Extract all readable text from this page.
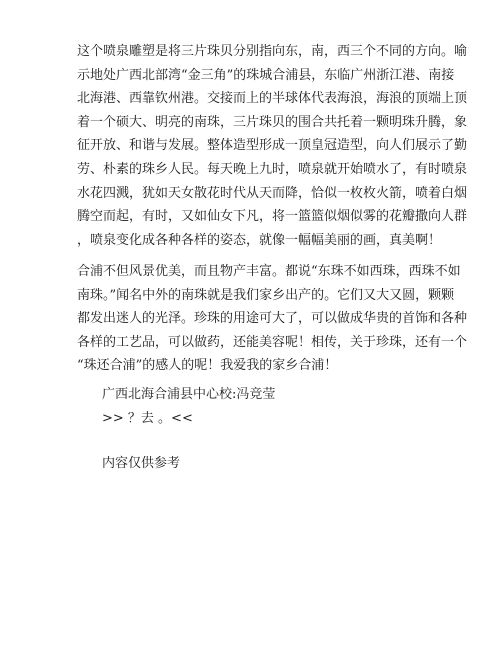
这个喷泉雕塑是将三片珠贝分别指向东，南，西三个不同的方向。喻
示地处广西北部湾“金三角”的珠城合浦县，东临广州浙江港、南接
北海港、西靠钦州港。交接而上的半球体代表海浪，海浪的顶端上顶
着一个硕大、明亮的南珠，三片珠贝的围合共托着一颗明珠升腾，象
征开放、和谐与发展。整体造型形成一顶皇冠造型，向人们展示了勤
劳、朴素的珠乡人民。每天晚上九时，喷泉就开始喷水了，有时喷泉
水花四溅，犹如天女散花时代从天而降，恰似一枚枚火箭，喷着白烟
腾空而起，有时，又如仙女下凡，将一篮篮似烟似雾的花瓣撒向人群
，喷泉变化成各种各样的姿态，就像一幅幅美丽的画，真美啊！
合浦不但风景优美，而且物产丰富。都说“东珠不如西珠，西珠不如
南珠。”闻名中外的南珠就是我们家乡出产的。它们又大又圆，颗颗
都发出迷人的光泽。珍珠的用途可大了，可以做成华贵的首饰和各种
各样的工艺品，可以做药，还能美容呢！相传，关于珍珠，还有一个
“珠还合浦”的感人的呢！我爱我的家乡合浦！
广西北海合浦县中心校:冯竞莹
>> ？去 。<<
内容仅供参考
